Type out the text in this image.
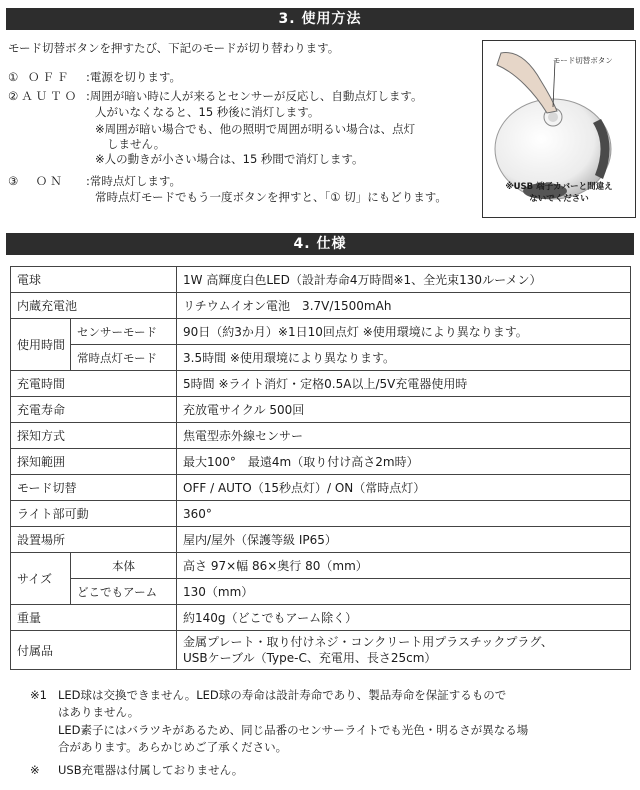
3. 使用方法
モード切替ボタンを押すたび、下記のモードが切り替わります。
① ＯＦＦ :電源を切ります。
②ＡＵＴＯ :周囲が暗い時に人が来るとセンサーが反応し、自動点灯します。
人がいなくなると、15 秒後に消灯します。
※周囲が暗い場合でも、他の照明で周囲が明るい場合は、点灯
しません。
※人の動きが小さい場合は、15 秒間で消灯します。
③　ＯＮ :常時点灯します。
常時点灯モードでもう一度ボタンを押すと、「① 切」にもどります。
モード切替ボタン
※USB 端子カバーと間違え
ないでください
4. 仕様
電球		1W 高輝度白色LED（設計寿命4万時間※1、全光束130ルーメン）
内蔵充電池		リチウムイオン電池　3.7V/1500mAh
使用時間	センサーモード	90日（約3か月）※1日10回点灯 ※使用環境により異なります。
	常時点灯モード	3.5時間 ※使用環境により異なります。
充電時間		5時間 ※ライト消灯・定格0.5A以上/5V充電器使用時
充電寿命		充放電サイクル 500回
探知方式		焦電型赤外線センサー
探知範囲		最大100°　最遠4m（取り付け高さ2m時）
モード切替		OFF / AUTO（15秒点灯）/ ON（常時点灯）
ライト部可動		360°
設置場所		屋内/屋外（保護等級 IP65）
サイズ	本体	高さ 97×幅 86×奥行 80（mm）
	どこでもアーム	130（mm）
重量		約140g（どこでもアーム除く）
付属品		金属プレート・取り付けネジ・コンクリート用プラスチックプラグ、
USBケーブル（Type-C、充電用、長さ25cm）
※1 LED球は交換できません。LED球の寿命は設計寿命であり、製品寿命を保証するもので
はありません。
LED素子にはバラツキがあるため、同じ品番のセンサーライトでも光色・明るさが異なる場
合があります。あらかじめご了承ください。
※ USB充電器は付属しておりません。
